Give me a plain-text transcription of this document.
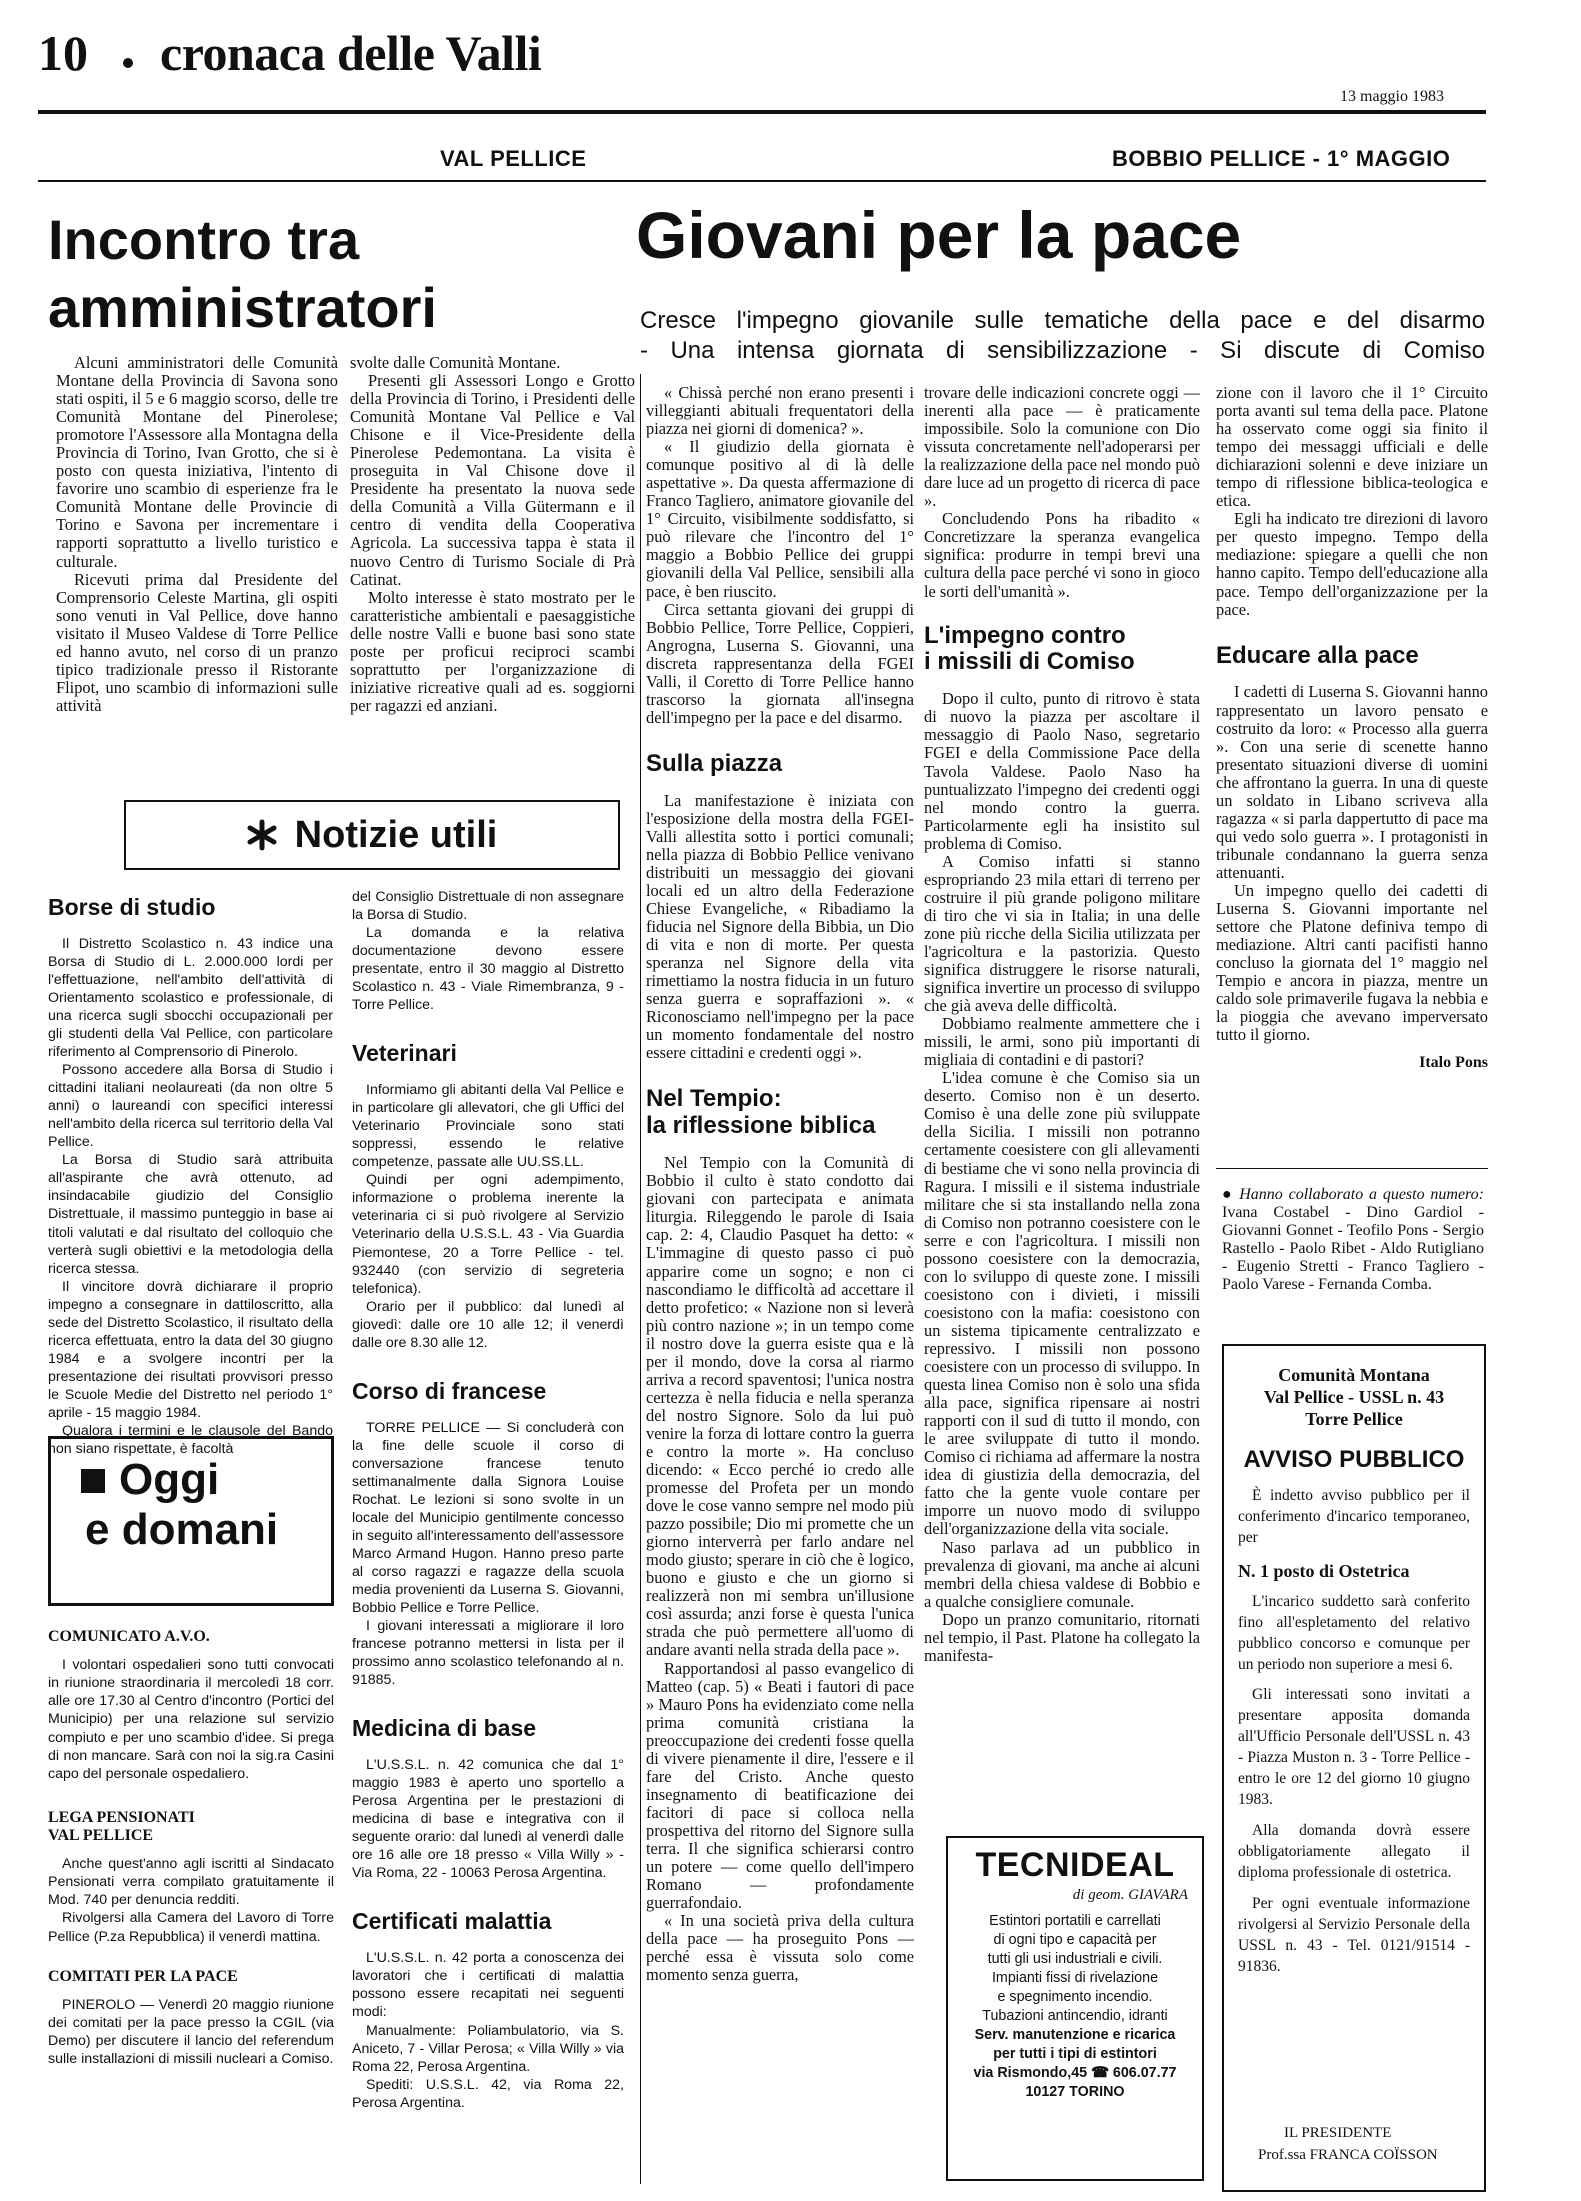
10 cronaca delle Valli
13 maggio 1983
VAL PELLICE	BOBBIO PELLICE - 1° MAGGIO
Incontro tra
amministratori

Alcuni amministratori delle Comunità Montane della Provincia di Savona sono stati ospiti, il 5 e 6 maggio scorso, delle tre Comunità Montane del Pinerolese; promotore l'Assessore alla Montagna della Provincia di Torino, Ivan Grotto, che si è posto con questa iniziativa, l'intento di favorire uno scambio di esperienze fra le Comunità Montane delle Provincie di Torino e Savona per incrementare i rapporti soprattutto a livello turistico e culturale.

Ricevuti prima dal Presidente del Comprensorio Celeste Martina, gli ospiti sono venuti in Val Pellice, dove hanno visitato il Museo Valdese di Torre Pellice ed hanno avuto, nel corso di un pranzo tipico tradizionale presso il Ristorante Flipot, uno scambio di informazioni sulle attività

svolte dalle Comunità Montane.

Presenti gli Assessori Longo e Grotto della Provincia di Torino, i Presidenti delle Comunità Montane Val Pellice e Val Chisone e il Vice-Presidente della Pinerolese Pedemontana. La visita è proseguita in Val Chisone dove il Presidente ha presentato la nuova sede della Comunità a Villa Gütermann e il centro di vendita della Cooperativa Agricola. La successiva tappa è stata il nuovo Centro di Turismo Sociale di Prà Catinat.

Molto interesse è stato mostrato per le caratteristiche ambientali e paesaggistiche delle nostre Valli e buone basi sono state poste per proficui reciproci scambi soprattutto per l'organizzazione di iniziative ricreative quali ad es. soggiorni per ragazzi ed anziani.

Giovani per la pace
Cresce l'impegno giovanile sulle tematiche della pace e del disarmo
- Una intensa giornata di sensibilizzazione - Si discute di Comiso

« Chissà perché non erano presenti i villeggianti abituali frequentatori della piazza nei giorni di domenica? ».

« Il giudizio della giornata è comunque positivo al di là delle aspettative ». Da questa affermazione di Franco Tagliero, animatore giovanile del 1° Circuito, visibilmente soddisfatto, si può rilevare che l'incontro del 1° maggio a Bobbio Pellice dei gruppi giovanili della Val Pellice, sensibili alla pace, è ben riuscito.

Circa settanta giovani dei gruppi di Bobbio Pellice, Torre Pellice, Coppieri, Angrogna, Luserna S. Giovanni, una discreta rappresentanza della FGEI Valli, il Coretto di Torre Pellice hanno trascorso la giornata all'insegna dell'impegno per la pace e del disarmo.

Sulla piazza

La manifestazione è iniziata con l'esposizione della mostra della FGEI-Valli allestita sotto i portici comunali; nella piazza di Bobbio Pellice venivano distribuiti un messaggio dei giovani locali ed un altro della Federazione Chiese Evangeliche, « Ribadiamo la fiducia nel Signore della Bibbia, un Dio di vita e non di morte. Per questa speranza nel Signore della vita rimettiamo la nostra fiducia in un futuro senza guerra e sopraffazioni ». « Riconosciamo nell'impegno per la pace un momento fondamentale del nostro essere cittadini e credenti oggi ».

Nel Tempio:
la riflessione biblica

Nel Tempio con la Comunità di Bobbio il culto è stato condotto dai giovani con partecipata e animata liturgia. Rileggendo le parole di Isaia cap. 2: 4, Claudio Pasquet ha detto: « L'immagine di questo passo ci può apparire come un sogno; e non ci nascondiamo le difficoltà ad accettare il detto profetico: « Nazione non si leverà più contro nazione »; in un tempo come il nostro dove la guerra esiste qua e là per il mondo, dove la corsa al riarmo arriva a record spaventosi; l'unica nostra certezza è nella fiducia e nella speranza del nostro Signore. Solo da lui può venire la forza di lottare contro la guerra e contro la morte ». Ha concluso dicendo: « Ecco perché io credo alle promesse del Profeta per un mondo dove le cose vanno sempre nel modo più pazzo possibile; Dio mi promette che un giorno interverrà per farlo andare nel modo giusto; sperare in ciò che è logico, buono e giusto e che un giorno si realizzerà non mi sembra un'illusione così assurda; anzi forse è questa l'unica strada che può permettere all'uomo di andare avanti nella strada della pace ».

Rapportandosi al passo evangelico di Matteo (cap. 5) « Beati i fautori di pace » Mauro Pons ha evidenziato come nella prima comunità cristiana la preoccupazione dei credenti fosse quella di vivere pienamente il dire, l'essere e il fare del Cristo. Anche questo insegnamento di beatificazione dei facitori di pace si colloca nella prospettiva del ritorno del Signore sulla terra. Il che significa schierarsi contro un potere — come quello dell'impero Romano — profondamente guerrafondaio.

« In una società priva della cultura della pace — ha proseguito Pons — perché essa è vissuta solo come momento senza guerra,

trovare delle indicazioni concrete oggi — inerenti alla pace — è praticamente impossibile. Solo la comunione con Dio vissuta concretamente nell'adoperarsi per la realizzazione della pace nel mondo può dare luce ad un progetto di ricerca di pace ».

Concludendo Pons ha ribadito « Concretizzare la speranza evangelica significa: produrre in tempi brevi una cultura della pace perché vi sono in gioco le sorti dell'umanità ».

L'impegno contro
i missili di Comiso

Dopo il culto, punto di ritrovo è stata di nuovo la piazza per ascoltare il messaggio di Paolo Naso, segretario FGEI e della Commissione Pace della Tavola Valdese. Paolo Naso ha puntualizzato l'impegno dei credenti oggi nel mondo contro la guerra. Particolarmente egli ha insistito sul problema di Comiso.

A Comiso infatti si stanno espropriando 23 mila ettari di terreno per costruire il più grande poligono militare di tiro che vi sia in Italia; in una delle zone più ricche della Sicilia utilizzata per l'agricoltura e la pastorizia. Questo significa distruggere le risorse naturali, significa invertire un processo di sviluppo che già aveva delle difficoltà.

Dobbiamo realmente ammettere che i missili, le armi, sono più importanti di migliaia di contadini e di pastori?

L'idea comune è che Comiso sia un deserto. Comiso non è un deserto. Comiso è una delle zone più sviluppate della Sicilia. I missili non potranno certamente coesistere con gli allevamenti di bestiame che vi sono nella provincia di Ragura. I missili e il sistema industriale militare che si sta installando nella zona di Comiso non potranno coesistere con le serre e con l'agricoltura. I missili non possono coesistere con la democrazia, con lo sviluppo di queste zone. I missili coesistono con i divieti, i missili coesistono con la mafia: coesistono con un sistema tipicamente centralizzato e repressivo. I missili non possono coesistere con un processo di sviluppo. In questa linea Comiso non è solo una sfida alla pace, significa ripensare ai nostri rapporti con il sud di tutto il mondo, con le aree sviluppate di tutto il mondo. Comiso ci richiama ad affermare la nostra idea di giustizia della democrazia, del fatto che la gente vuole contare per imporre un nuovo modo di sviluppo dell'organizzazione della vita sociale.

Naso parlava ad un pubblico in prevalenza di giovani, ma anche ai alcuni membri della chiesa valdese di Bobbio e a qualche consigliere comunale.

Dopo un pranzo comunitario, ritornati nel tempio, il Past. Platone ha collegato la manifesta-

zione con il lavoro che il 1° Circuito porta avanti sul tema della pace. Platone ha osservato come oggi sia finito il tempo dei messaggi ufficiali e delle dichiarazioni solenni e deve iniziare un tempo di riflessione biblica-teologica e etica.

Egli ha indicato tre direzioni di lavoro per questo impegno. Tempo della mediazione: spiegare a quelli che non hanno capito. Tempo dell'educazione alla pace. Tempo dell'organizzazione per la pace.

Educare alla pace

I cadetti di Luserna S. Giovanni hanno rappresentato un lavoro pensato e costruito da loro: « Processo alla guerra ». Con una serie di scenette hanno presentato situazioni diverse di uomini che affrontano la guerra. In una di queste un soldato in Libano scriveva alla ragazza « si parla dappertutto di pace ma qui vedo solo guerra ». I protagonisti in tribunale condannano la guerra senza attenuanti.

Un impegno quello dei cadetti di Luserna S. Giovanni importante nel settore che Platone definiva tempo di mediazione. Altri canti pacifisti hanno concluso la giornata del 1° maggio nel Tempio e ancora in piazza, mentre un caldo sole primaverile fugava la nebbia e la pioggia che avevano imperversato tutto il giorno.

Italo Pons
● Hanno collaborato a questo numero: Ivana Costabel - Dino Gardiol - Giovanni Gonnet - Teofilo Pons - Sergio Rastello - Paolo Ribet - Aldo Rutigliano - Eugenio Stretti - Franco Tagliero - Paolo Varese - Fernanda Comba.
Notizie utili
Borse di studio

Il Distretto Scolastico n. 43 indice una Borsa di Studio di L. 2.000.000 lordi per l'effettuazione, nell'ambito dell'attività di Orientamento scolastico e professionale, di una ricerca sugli sbocchi occupazionali per gli studenti della Val Pellice, con particolare riferimento al Comprensorio di Pinerolo.

Possono accedere alla Borsa di Studio i cittadini italiani neolaureati (da non oltre 5 anni) o laureandi con specifici interessi nell'ambito della ricerca sul territorio della Val Pellice.

La Borsa di Studio sarà attribuita all'aspirante che avrà ottenuto, ad insindacabile giudizio del Consiglio Distrettuale, il massimo punteggio in base ai titoli valutati e dal risultato del colloquio che verterà sugli obiettivi e la metodologia della ricerca stessa.

Il vincitore dovrà dichiarare il proprio impegno a consegnare in dattiloscritto, alla sede del Distretto Scolastico, il risultato della ricerca effettuata, entro la data del 30 giugno 1984 e a svolgere incontri per la presentazione dei risultati provvisori presso le Scuole Medie del Distretto nel periodo 1° aprile - 15 maggio 1984.

Qualora i termini e le clausole del Bando non siano rispettate, è facoltà

del Consiglio Distrettuale di non assegnare la Borsa di Studio.

La domanda e la relativa documentazione devono essere presentate, entro il 30 maggio al Distretto Scolastico n. 43 - Viale Rimembranza, 9 - Torre Pellice.

Veterinari

Informiamo gli abitanti della Val Pellice e in particolare gli allevatori, che gli Uffici del Veterinario Provinciale sono stati soppressi, essendo le relative competenze, passate alle UU.SS.LL.

Quindi per ogni adempimento, informazione o problema inerente la veterinaria ci si può rivolgere al Servizio Veterinario della U.S.S.L. 43 - Via Guardia Piemontese, 20 a Torre Pellice - tel. 932440 (con servizio di segreteria telefonica).

Orario per il pubblico: dal lunedì al giovedì: dalle ore 10 alle 12; il venerdì dalle ore 8.30 alle 12.

Corso di francese

TORRE PELLICE — Si concluderà con la fine delle scuole il corso di conversazione francese tenuto settimanalmente dalla Signora Louise Rochat. Le lezioni si sono svolte in un locale del Municipio gentilmente concesso in seguito all'interessamento dell'assessore Marco Armand Hugon. Hanno preso parte al corso ragazzi e ragazze della scuola media provenienti da Luserna S. Giovanni, Bobbio Pellice e Torre Pellice.

I giovani interessati a migliorare il loro francese potranno mettersi in lista per il prossimo anno scolastico telefonando al n. 91885.

Medicina di base

L'U.S.S.L. n. 42 comunica che dal 1° maggio 1983 è aperto uno sportello a Perosa Argentina per le prestazioni di medicina di base e integrativa con il seguente orario: dal lunedì al venerdì dalle ore 16 alle ore 18 presso « Villa Willy » - Via Roma, 22 - 10063 Perosa Argentina.

Certificati malattia

L'U.S.S.L. n. 42 porta a conoscenza dei lavoratori che i certificati di malattia possono essere recapitati nei seguenti modi:

Manualmente: Poliambulatorio, via S. Aniceto, 7 - Villar Perosa; « Villa Willy » via Roma 22, Perosa Argentina.

Spediti: U.S.S.L. 42, via Roma 22, Perosa Argentina.

Oggi
e domani
COMUNICATO A.V.O.

I volontari ospedalieri sono tutti convocati in riunione straordinaria il mercoledì 18 corr. alle ore 17.30 al Centro d'incontro (Portici del Municipio) per una relazione sul servizio compiuto e per uno scambio d'idee. Si prega di non mancare. Sarà con noi la sig.ra Casini capo del personale ospedaliero.

LEGA PENSIONATI
VAL PELLICE

Anche quest'anno agli iscritti al Sindacato Pensionati verra compilato gratuitamente il Mod. 740 per denuncia redditi.

Rivolgersi alla Camera del Lavoro di Torre Pellice (P.za Repubblica) il venerdì mattina.

COMITATI PER LA PACE

PINEROLO — Venerdì 20 maggio riunione dei comitati per la pace presso la CGIL (via Demo) per discutere il lancio del referendum sulle installazioni di missili nucleari a Comiso.

TECNIDEAL
di geom. GIAVARA
Estintori portatili e carrellati
di ogni tipo e capacità per
tutti gli usi industriali e civili.
Impianti fissi di rivelazione
e spegnimento incendio.
Tubazioni antincendio, idranti
Serv. manutenzione e ricarica
per tutti i tipi di estintori
via Rismondo,45 ☎ 606.07.77
10127 TORINO
Comunità Montana
Val Pellice - USSL n. 43
Torre Pellice
AVVISO PUBBLICO

È indetto avviso pubblico per il conferimento d'incarico temporaneo, per

N. 1 posto di Ostetrica

L'incarico suddetto sarà conferito fino all'espletamento del relativo pubblico concorso e comunque per un periodo non superiore a mesi 6.

Gli interessati sono invitati a presentare apposita domanda all'Ufficio Personale dell'USSL n. 43 - Piazza Muston n. 3 - Torre Pellice - entro le ore 12 del giorno 10 giugno 1983.

Alla domanda dovrà essere obbligatoriamente allegato il diploma professionale di ostetrica.

Per ogni eventuale informazione rivolgersi al Servizio Personale della USSL n. 43 - Tel. 0121/91514 - 91836.

IL PRESIDENTE
Prof.ssa FRANCA COÏSSON
